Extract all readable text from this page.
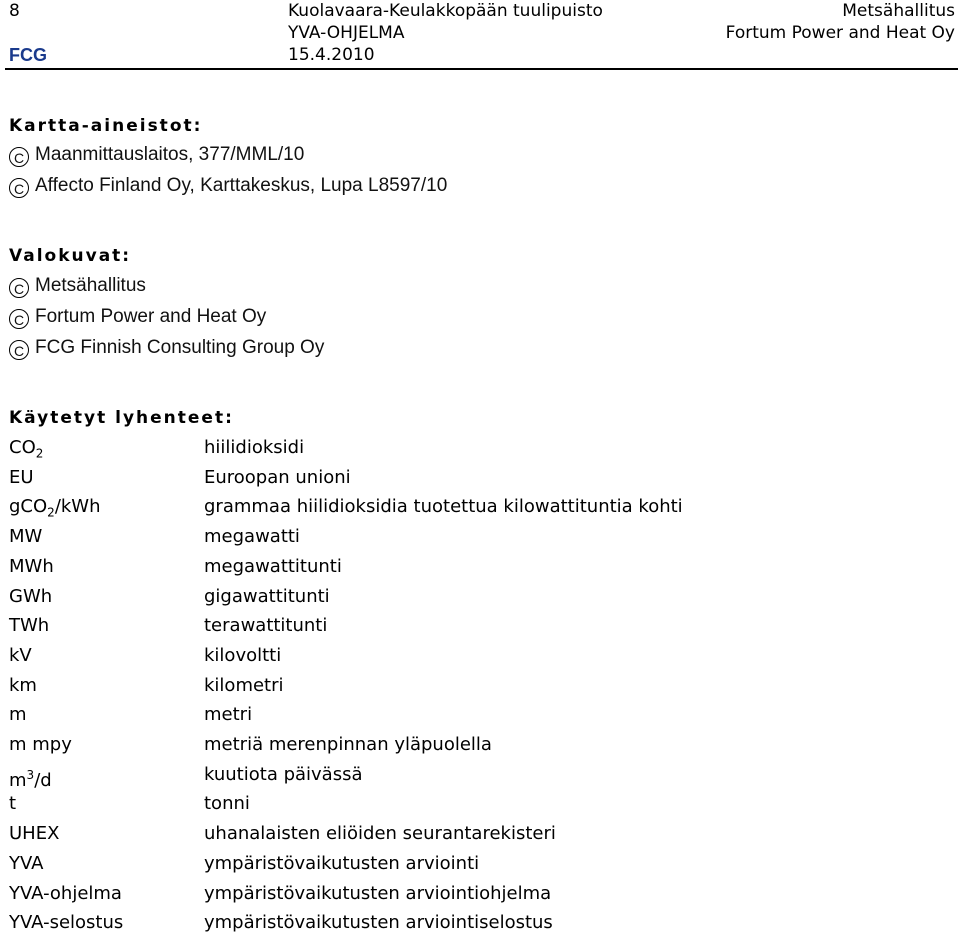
8
FCG
Kuolavaara-Keulakkopään tuulipuisto
YVA-OHJELMA
15.4.2010
Metsähallitus
Fortum Power and Heat Oy
Kartta-aineistot:
C Maanmittauslaitos, 377/MML/10
C Affecto Finland Oy, Karttakeskus, Lupa L8597/10
Valokuvat:
C Metsähallitus
C Fortum Power and Heat Oy
C FCG Finnish Consulting Group Oy
Käytetyt lyhenteet:
$CO_2$	hiilidioksidi
EU	Euroopan unioni
gCO$_2$/kWh	grammaa hiilidioksidia tuotettua kilowattituntia kohti
MW	megawatti
MWh	megawattitunti
GWh	gigawattitunti
TWh	terawattitunti
kV	kilovoltti
km	kilometri
m	metri
m mpy	metriä merenpinnan yläpuolella
$m^3/d$	kuutiota päivässä
t	tonni
UHEX	uhanalaisten eliöiden seurantarekisteri
YVA	ympäristövaikutusten arviointi
YVA-ohjelma	ympäristövaikutusten arviointiohjelma
YVA-selostus	ympäristövaikutusten arviointiselostus
